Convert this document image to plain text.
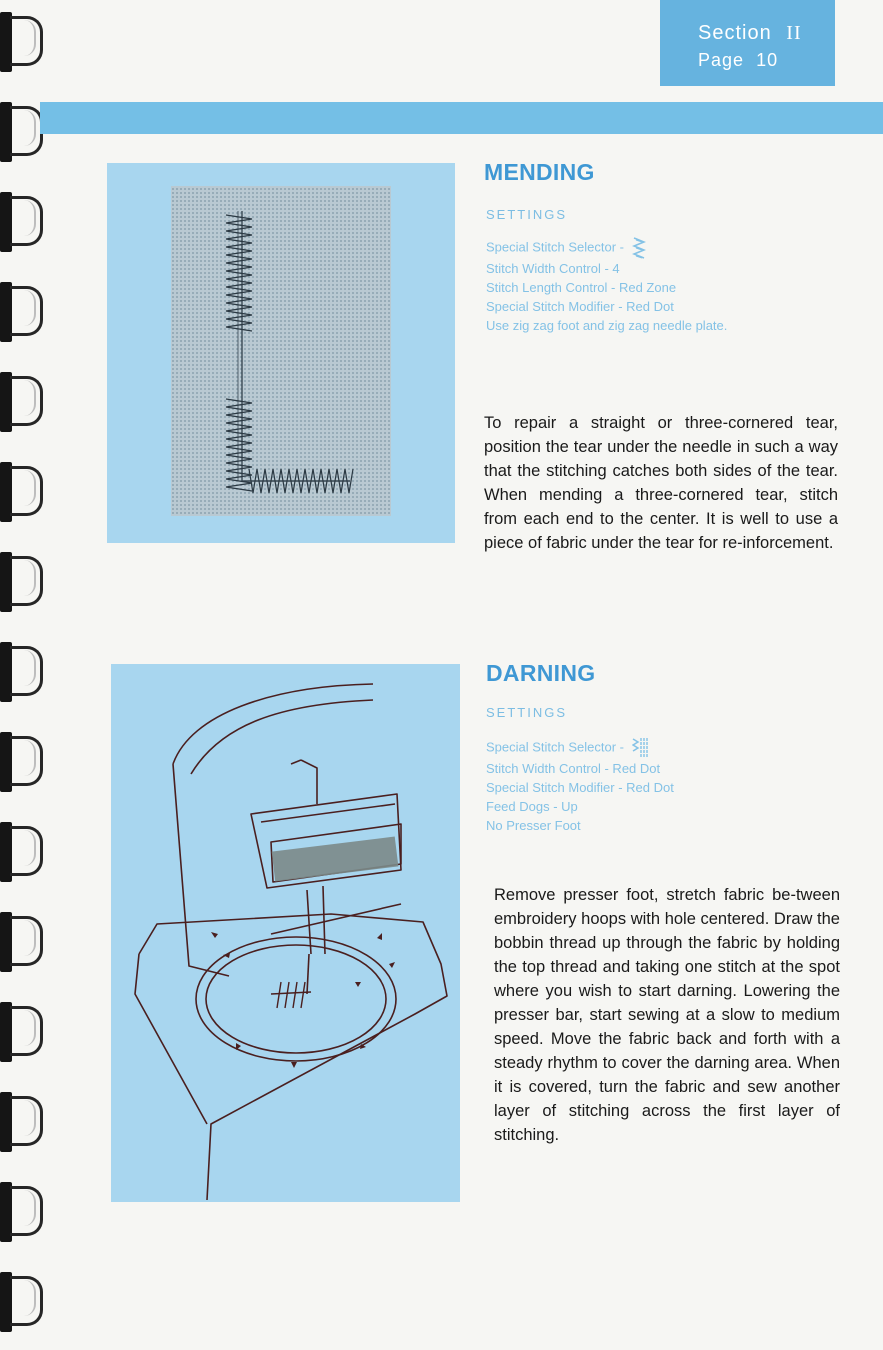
Section II
Page 10
MENDING
SETTINGS
Special Stitch Selector -
Stitch Width Control - 4
Stitch Length Control - Red Zone
Special Stitch Modifier - Red Dot
Use zig zag foot and zig zag needle plate.

To repair a straight or three-cornered tear, position the tear under the needle in such a way that the stitching catches both sides of the tear. When mending a three-cornered tear, stitch from each end to the center. It is well to use a piece of fabric under the tear for re-inforcement.

DARNING
SETTINGS
Special Stitch Selector -
Stitch Width Control - Red Dot
Special Stitch Modifier - Red Dot
Feed Dogs - Up
No Presser Foot

Remove presser foot, stretch fabric be-tween embroidery hoops with hole centered. Draw the bobbin thread up through the fabric by holding the top thread and taking one stitch at the spot where you wish to start darning. Lowering the presser bar, start sewing at a slow to medium speed. Move the fabric back and forth with a steady rhythm to cover the darning area. When it is covered, turn the fabric and sew another layer of stitching across the first layer of stitching.
